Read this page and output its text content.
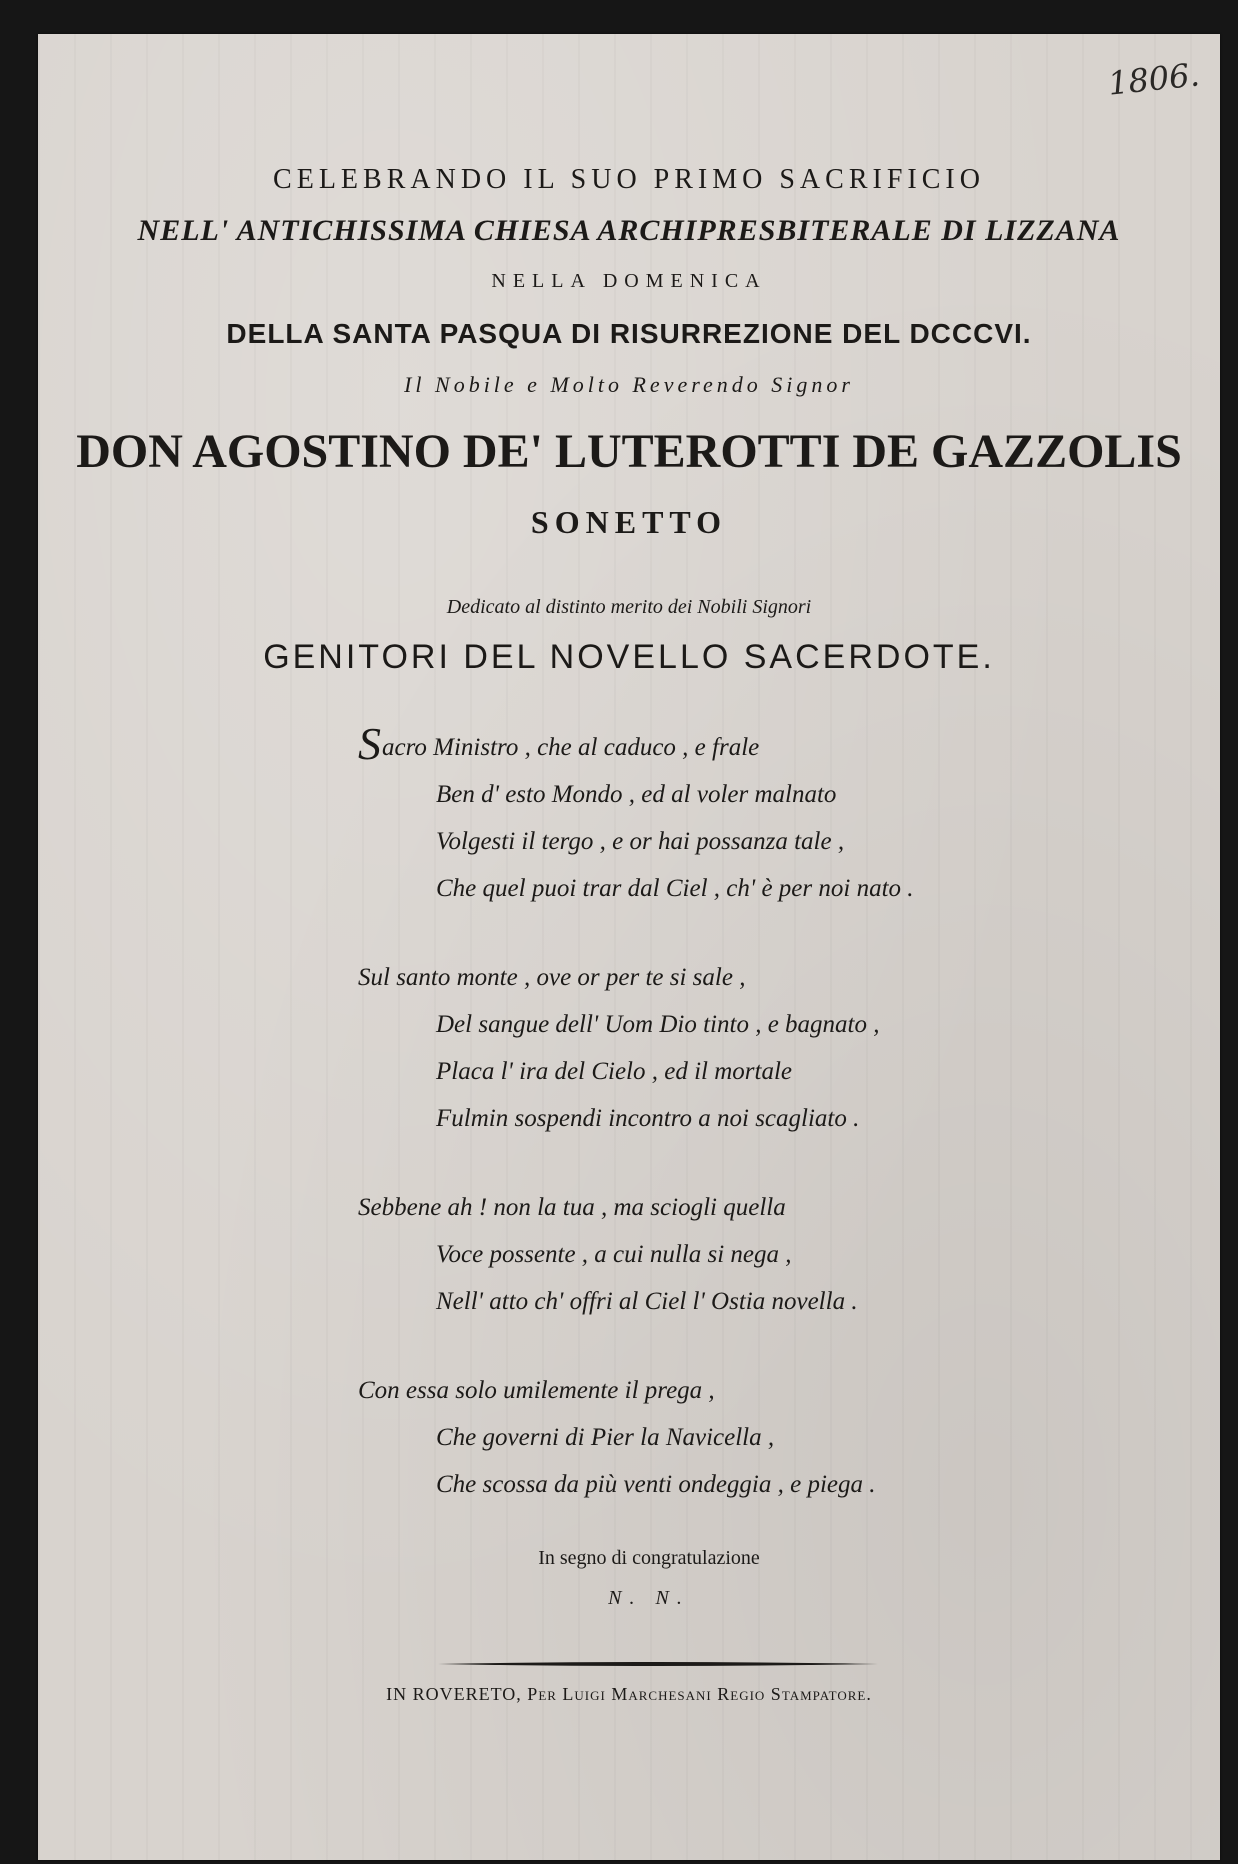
1806.
CELEBRANDO IL SUO PRIMO SACRIFICIO
NELL' ANTICHISSIMA CHIESA ARCHIPRESBITERALE DI LIZZANA
NELLA DOMENICA
DELLA SANTA PASQUA DI RISURREZIONE DEL DCCCVI.
Il Nobile e Molto Reverendo Signor
DON AGOSTINO DE' LUTEROTTI DE GAZZOLIS
SONETTO
Dedicato al distinto merito dei Nobili Signori
GENITORI DEL NOVELLO SACERDOTE.
Sacro Ministro , che al caduco , e frale
Ben d' esto Mondo , ed al voler malnato
Volgesti il tergo , e or hai possanza tale ,
Che quel puoi trar dal Ciel , ch' è per noi nato .
Sul santo monte , ove or per te si sale ,
Del sangue dell' Uom Dio tinto , e bagnato ,
Placa l' ira del Cielo , ed il mortale
Fulmin sospendi incontro a noi scagliato .
Sebbene ah ! non la tua , ma sciogli quella
Voce possente , a cui nulla si nega ,
Nell' atto ch' offri al Ciel l' Ostia novella .
Con essa solo umilemente il prega ,
Che governi di Pier la Navicella ,
Che scossa da più venti ondeggia , e piega .
In segno di congratulazione
N. N.
IN ROVERETO, Per Luigi Marchesani Regio Stampatore.
